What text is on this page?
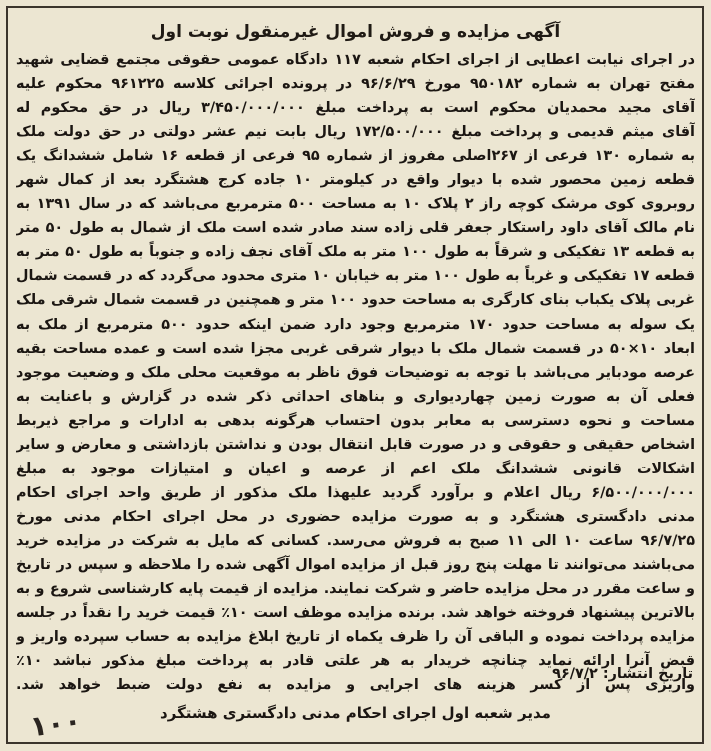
آگهی مزایده و فروش اموال غیرمنقول نوبت اول
در اجرای نیابت اعطایی از اجرای احکام شعبه ۱۱۷ دادگاه عمومی حقوقی مجتمع قضایی شهید
مفتح تهران به شماره ۹۵۰۱۸۲ مورخ ۹۶/۶/۲۹ در پرونده اجرائی کلاسه ۹۶۱۲۲۵ محکوم علیه
آقای مجید محمدیان محکوم است به پرداخت مبلغ ۳/۴۵۰/۰۰۰/۰۰۰ ریال در حق محکوم له
آقای میثم قدیمی و پرداخت مبلغ ۱۷۲/۵۰۰/۰۰۰ ریال بابت نیم عشر دولتی در حق دولت ملک
به شماره ۱۳۰ فرعی از ۲۶۷اصلی مفروز از شماره ۹۵ فرعی از قطعه ۱۶ شامل ششدانگ یک
قطعه زمین محصور شده با دیوار واقع در کیلومتر ۱۰ جاده کرج هشتگرد بعد از کمال شهر
روبروی کوی مرشک کوچه راز ۲ پلاک ۱۰ به مساحت ۵۰۰ مترمربع می‌باشد که در سال ۱۳۹۱ به
نام مالک آقای داود راستکار جعفر قلی زاده سند صادر شده است ملک از شمال به طول ۵۰ متر
به قطعه ۱۳ تفکیکی و شرقاً به طول ۱۰۰ متر به ملک آقای نجف زاده و جنوباً به طول ۵۰ متر به
قطعه ۱۷ تفکیکی و غرباً به طول ۱۰۰ متر به خیابان ۱۰ متری محدود می‌گردد که در قسمت شمال
غربی پلاک یکباب بنای کارگری به مساحت حدود ۱۰۰ متر و همچنین در قسمت شمال شرقی ملک
یک سوله به مساحت حدود ۱۷۰ مترمربع وجود دارد ضمن اینکه حدود ۵۰۰ مترمربع از ملک به
ابعاد ۱۰×۵۰ در قسمت شمال ملک با دیوار شرقی غربی مجزا شده است و عمده مساحت بقیه
عرصه مودبایر می‌باشد با توجه به توضیحات فوق ناظر به موقعیت محلی ملک و وضعیت موجود
فعلی آن به صورت زمین چهاردیواری و بناهای احداثی ذکر شده در گزارش و باعنایت به
مساحت و نحوه دسترسی به معابر بدون احتساب هرگونه بدهی به ادارات و مراجع ذیربط
اشخاص حقیقی و حقوقی و در صورت قابل انتقال بودن و نداشتن بازداشتی و معارض و سایر
اشکالات قانونی ششدانگ ملک اعم از عرصه و اعیان و امتیازات موجود به مبلغ
۶/۵۰۰/۰۰۰/۰۰۰ ریال اعلام و برآورد گردید علیهذا ملک مذکور از طریق واحد اجرای احکام
مدنی دادگستری هشتگرد و به صورت مزایده حضوری در محل اجرای احکام مدنی مورخ
۹۶/۷/۲۵ ساعت ۱۰ الی ۱۱ صبح به فروش می‌رسد. کسانی که مایل به شرکت در مزایده خرید
می‌باشند می‌توانند تا مهلت پنج روز قبل از مزایده اموال آگهی شده را ملاحظه و سپس در تاریخ
و ساعت مقرر در محل مزایده حاضر و شرکت نمایند. مزایده از قیمت پایه کارشناسی شروع و به
بالاترین پیشنهاد فروخته خواهد شد. برنده مزایده موظف است ۱۰٪ قیمت خرید را نقداً در جلسه
مزایده پرداخت نموده و الباقی آن را ظرف یکماه از تاریخ ابلاغ مزایده به حساب سپرده واریز و
قبض آنرا ارائه نماید چنانچه خریدار به هر علتی قادر به پرداخت مبلغ مذکور نباشد ۱۰٪
واریزی پس از کسر هزینه های اجرایی و مزایده به نفع دولت ضبط خواهد شد.
تاریخ انتشار: ۹۶/۷/۲
مدیر شعبه اول اجرای احکام مدنی دادگستری هشتگرد
۱۰۰
